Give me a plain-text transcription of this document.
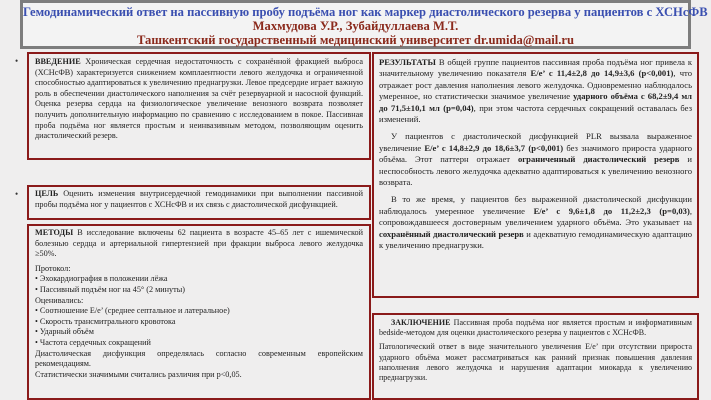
Гемодинамический ответ на пассивную пробу подъёма ног как маркер диастолического резерва у пациентов с ХСНсФВ
Махмудова У.Р., Зубайдуллаева М.Т.
Ташкентский государственный медицинский университет dr.umida@mail.ru
• ВВЕДЕНИЕ Хроническая сердечная недостаточность с сохранённой фракцией выброса (ХСНсФВ) характеризуется снижением комплаентности левого желудочка и ограниченной способностью адаптироваться к увеличению преднагрузки. Левое предсердие играет важную роль в обеспечении диастолического наполнения за счёт резервуарной и насосной функций. Оценка резерва сердца на физиологическое увеличение венозного возврата позволяет получить дополнительную информацию по сравнению с исследованием в покое. Пассивная проба подъёма ног является простым и неинвазивным методом, позволяющим оценить диастолический резерв.
• ЦЕЛЬ Оценить изменения внутрисердечной гемодинамики при выполнении пассивной пробы подъёма ног у пациентов с ХСНсФВ и их связь с диастолической дисфункцией.
МЕТОДЫ В исследование включены 62 пациента в возрасте 45–65 лет с ишемической болезнью сердца и артериальной гипертензией при фракции выброса левого желудочка ≥50%.
Протокол:
• Эхокардиография в положении лёжа
• Пассивный подъём ног на 45° (2 минуты)
Оценивались:
• Соотношение E/e’ (среднее септальное и латеральное)
• Скорость трансмитрального кровотока
• Ударный объём
• Частота сердечных сокращений
Диастолическая дисфункция определялась согласно современным европейским рекомендациям.
Статистически значимыми считались различия при p<0,05.

РЕЗУЛЬТАТЫ В общей группе пациентов пассивная проба подъёма ног привела к значительному увеличению показателя E/e’ с 11,4±2,8 до 14,9±3,6 (p<0,001), что отражает рост давления наполнения левого желудочка. Одновременно наблюдалось умеренное, но статистически значимое увеличение ударного объёма с 68,2±9,4 мл до 71,5±10,1 мл (p=0,04), при этом частота сердечных сокращений оставалась без изменений.

У пациентов с диастолической дисфункцией PLR вызвала выраженное увеличение E/e’ с 14,8±2,9 до 18,6±3,7 (p<0,001) без значимого прироста ударного объёма. Этот паттерн отражает ограниченный диастолический резерв и неспособность левого желудочка адекватно адаптироваться к увеличению венозного возврата.

В то же время, у пациентов без выраженной диастолической дисфункции наблюдалось умеренное увеличение E/e’ с 9,6±1,8 до 11,2±2,3 (p=0,03), сопровождавшееся достоверным увеличением ударного объёма. Это указывает на сохранённый диастолический резерв и адекватную гемодинамическую адаптацию к увеличению преднагрузки.

ЗАКЛЮЧЕНИЕ Пассивная проба подъёма ног является простым и информативным bedside-методом для оценки диастолического резерва у пациентов с ХСНсФВ.

Патологический ответ в виде значительного увеличения E/e’ при отсутствии прироста ударного объёма может рассматриваться как ранний признак повышения давления наполнения левого желудочка и нарушения адаптации миокарда к увеличению преднагрузки.
